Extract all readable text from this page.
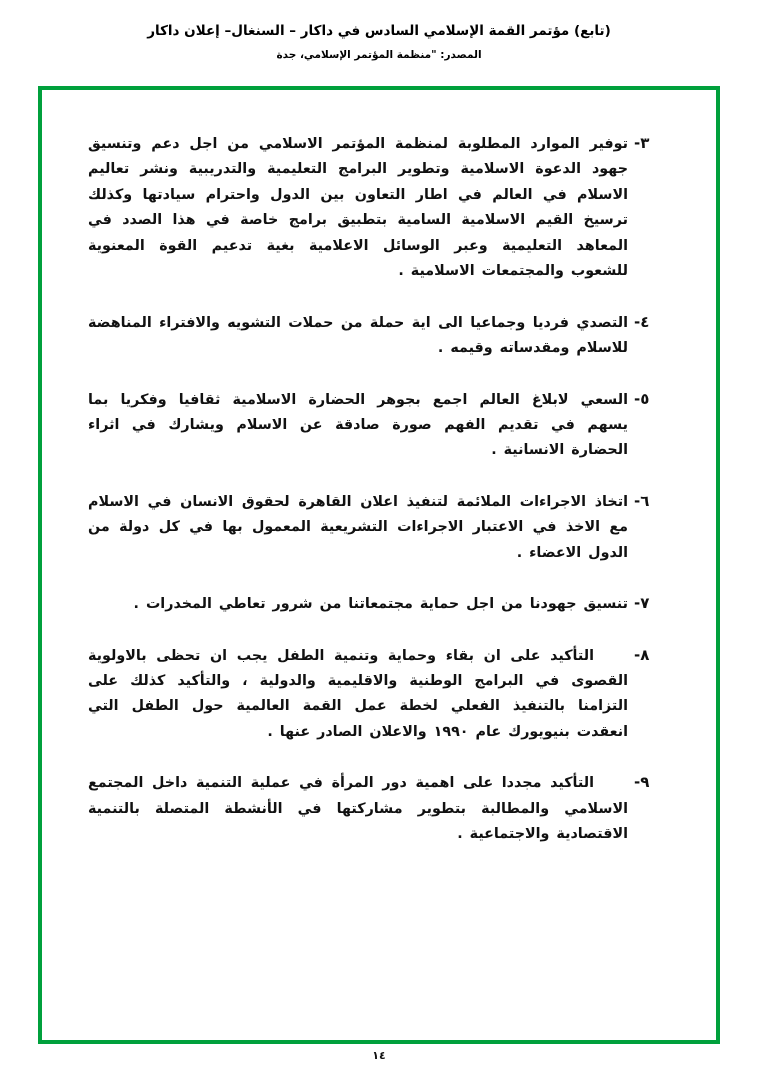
(تابع) مؤتمر القمة الإسلامي السادس في داكار – السنغال– إعلان داكار
المصدر: "منظمة المؤتمر الإسلامي، جدة
٣-
توفير الموارد المطلوبة لمنظمة المؤتمر الاسلامي من اجل دعم وتنسيق جهود الدعوة الاسلامية وتطوير البرامج التعليمية والتدريبية ونشر تعاليم الاسلام في العالم في اطار التعاون بين الدول واحترام سيادتها وكذلك ترسيخ القيم الاسلامية السامية بتطبيق برامج خاصة في هذا الصدد في المعاهد التعليمية وعبر الوسائل الاعلامية بغية تدعيم القوة المعنوية للشعوب والمجتمعات الاسلامية .
٤-
التصدي فرديا وجماعيا الى اية حملة من حملات التشويه والافتراء المناهضة للاسلام ومقدساته وقيمه .
٥-
السعي لابلاغ العالم اجمع بجوهر الحضارة الاسلامية ثقافيا وفكريا بما يسهم في تقديم الفهم صورة صادقة عن الاسلام ويشارك في اثراء الحضارة الانسانية .
٦-
اتخاذ الاجراءات الملائمة لتنفيذ اعلان القاهرة لحقوق الانسان في الاسلام مع الاخذ في الاعتبار الاجراءات التشريعية المعمول بها في كل دولة من الدول الاعضاء .
٧-
تنسيق جهودنا من اجل حماية مجتمعاتنا من شرور تعاطي المخدرات .
٨-
التأكيد على ان بقاء وحماية وتنمية الطفل يجب ان تحظى بالاولوية القصوى في البرامج الوطنية والاقليمية والدولية ، والتأكيد كذلك على التزامنا بالتنفيذ الفعلي لخطة عمل القمة العالمية حول الطفل التي انعقدت بنيويورك عام ١٩٩٠ والاعلان الصادر عنها .
٩-
التأكيد مجددا على اهمية دور المرأة في عملية التنمية داخل المجتمع الاسلامي والمطالبة بتطوير مشاركتها في الأنشطة المتصلة بالتنمية الاقتصادية والاجتماعية .
١٤
